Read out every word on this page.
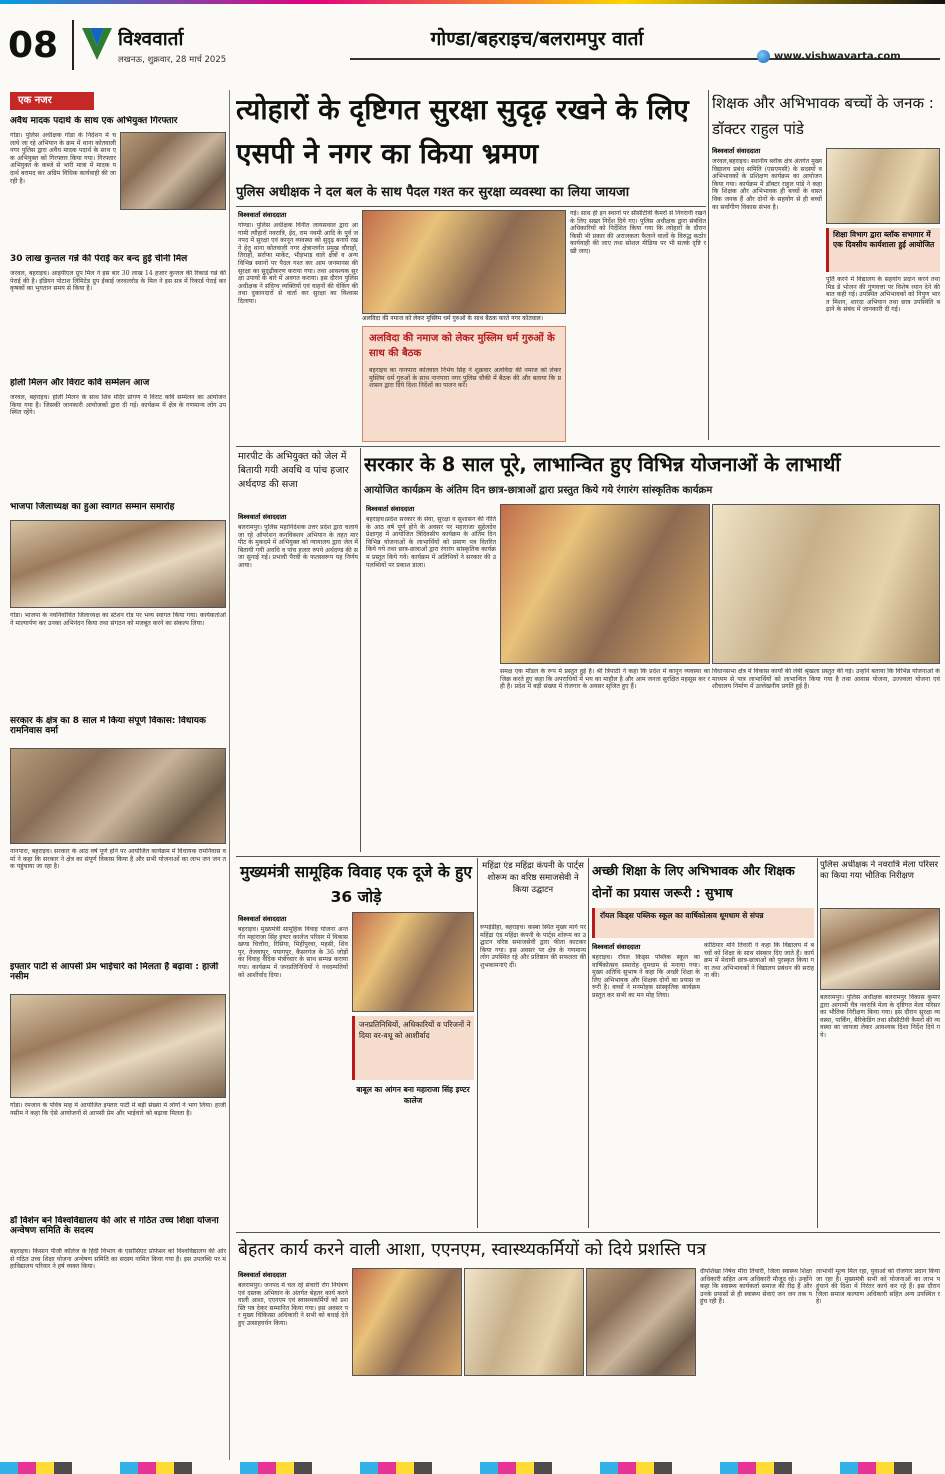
08	विश्ववार्ता
लखनऊ, शुक्रवार, 28 मार्च 2025
गोण्डा/बहराइच/बलरामपुर वार्ता
www.vishwavarta.com
एक नजर
अवैध मादक पदार्थ के साथ एक अभियुक्त गिरफ्तार
गोंडा। पुलिस अधीक्षक गोंडा के निर्देशन में चलाये जा रहे अभियान के क्रम में थाना कोतवाली नगर पुलिस द्वारा अवैध मादक पदार्थ के साथ एक अभियुक्त को गिरफ्तार किया गया। गिरफ्तार अभियुक्त के कब्जे से भारी मात्रा में मादक पदार्थ बरामद कर अग्रिम विधिक कार्यवाही की जा रही है।
30 लाख कुन्तल गन्ने की पेराई कर बन्द हुई चीनी मिल
जरवल, बहराइच। आइपीएल ग्रुप मिल ने इस बार 30 लाख 14 हजार कुन्तल की रिकार्ड गन्ने की पेराई की है। इंडियन पोटाश लिमिटेड ग्रुप ईकाई जरवलरोड के मिल ने इस सत्र में रिकार्ड पेराई कर कृषकों का भुगतान समय से किया है।
होली मिलन और विराट कवि सम्मेलन आज
जरवल, बहराइच। होली मिलन के साथ शिव मंदिर प्रांगण में विराट कवि सम्मेलन का आयोजन किया गया है। जिसकी जानकारी आयोजकों द्वारा दी गई। कार्यक्रम में क्षेत्र के गणमान्य लोग उपस्थित रहेंगे।
भाजपा जिलाध्यक्ष का हुआ स्वागत सम्मान समारोह
गोंडा। भाजपा के नवनिर्वाचित जिलाध्यक्ष का स्टेशन रोड पर भव्य स्वागत किया गया। कार्यकर्ताओं ने माल्यार्पण कर उनका अभिनंदन किया तथा संगठन को मजबूत करने का संकल्प लिया।
सरकार के क्षेत्र का 8 साल में किया संपूर्ण विकास: विधायक रामनिवास वर्मा
नानपारा, बहराइच। सरकार के आठ वर्ष पूर्ण होने पर आयोजित कार्यक्रम में विधायक रामनिवास वर्मा ने कहा कि सरकार ने क्षेत्र का संपूर्ण विकास किया है और सभी योजनाओं का लाभ जन जन तक पहुंचाया जा रहा है।
इफ्तार पार्टी से आपसी प्रेम भाईचारे को मिलता है बढ़ावा : हाजी नसीम
गोंडा। रमजान के पवित्र माह में आयोजित इफ्तार पार्टी में बड़ी संख्या में लोगों ने भाग लिया। हाजी नसीम ने कहा कि ऐसे आयोजनों से आपसी प्रेम और भाईचारे को बढ़ावा मिलता है।
डॉ विशेन बने विश्वविद्यालय की ओर से गठित उच्च शिक्षा योजना अन्वेषण समिति के सदस्य
बहराइच। किसान पीजी कॉलेज के हिंदी विभाग के एसोसिएट प्रोफेसर को विश्वविद्यालय की ओर से गठित उच्च शिक्षा योजना अन्वेषण समिति का सदस्य नामित किया गया है। इस उपलब्धि पर महाविद्यालय परिवार ने हर्ष व्यक्त किया।
त्योहारों के दृष्टिगत सुरक्षा सुदृढ़ रखने के लिए एसपी ने नगर का किया भ्रमण
पुलिस अधीक्षक ने दल बल के साथ पैदल गश्त कर सुरक्षा व्यवस्था का लिया जायजा
विश्ववार्ता संवाददाता
गोण्डा। पुलिस अधीक्षक विनीत जायसवाल द्वारा आगामी त्यौहारों नवरात्रि, ईद, राम नवमी आदि के पूर्व जनपद में सुरक्षा एवं कानून व्यवस्था को सुदृढ़ बनाये रखने हेतु थाना कोतवाली नगर क्षेत्रान्तर्गत प्रमुख चौराहों, तिराहों, सर्राफा मार्केट, भीड़भाड़ वाले क्षेत्रों व अन्य विभिन्न स्थानों पर पैदल गश्त कर आम जनमानस की सुरक्षा का सुदृढ़ीकरण कराया गया। तथा आवश्यक सुरक्षा उपायों के बारे में अवगत कराया। इस दौरान पुलिस अधीक्षक ने संदिग्ध व्यक्तियों एवं वाहनों की चेकिंग की तथा दुकानदारों से वार्ता कर सुरक्षा का विश्वास दिलाया।
अलविदा की नमाज को लेकर मुस्लिम धर्म गुरुओं के साथ बैठक करते नगर कोतवाल।
अलविदा की नमाज को लेकर मुस्लिम धर्म गुरुओं के साथ की बैठक
बहराइच का नानपारा कोतवाल निर्भय सिंह ने शुक्रवार अलविदा की नमाज को लेकर मुस्लिम धर्म गुरुओं के साथ नानपारा नगर पुलिस चौकी में बैठक की और बताया कि प्रशासन द्वारा दिये दिशा निर्देशों का पालन करें।
गई। साथ ही इन स्थानों पर सीसीटीवी कैमरों से निगरानी रखने के लिए सख्त निर्देश दिये गए। पुलिस अधीक्षक द्वारा संबंधित अधिकारियों को निर्देशित किया गया कि त्योहारों के दौरान किसी भी प्रकार की अराजकता फैलाने वालों के विरुद्ध कठोर कार्यवाही की जाए तथा सोशल मीडिया पर भी सतर्क दृष्टि रखी जाए।
शिक्षक और अभिभावक बच्चों के जनक : डॉक्टर राहुल पांडे
विश्ववार्ता संवाददाता
जरवल,बहराइच। स्थानीय ब्लॉक क्षेत्र अंतर्गत मुख्य विद्यालय प्रबंध समिति (एसएमसी) के सदस्यों व अभिभावकों के प्रशिक्षण कार्यक्रम का आयोजन किया गया। कार्यक्रम में डॉक्टर राहुल पांडे ने कहा कि शिक्षक और अभिभावक ही बच्चों के वास्तविक जनक हैं और दोनों के सहयोग से ही बच्चों का सर्वांगीण विकास संभव है।
शिक्षा विभाग द्वारा ब्लॉक सभागार में एक दिवसीय कार्यशाला हुई आयोजित
पूर्ति करने में विद्यालय के सहयोग प्रदान करने तथा मिड डे भोजन की गुणवत्ता पर विशेष ध्यान देने की बात कही गई। उपस्थित अभिभावकों को निपुण भारत मिशन, शारदा अभियान तथा छात्र उपस्थिति बढ़ाने के संबंध में जानकारी दी गई।
मारपीट के अभियुक्त को जेल में बितायी गयी अवधि व पांच हजार अर्थदण्ड की सजा
विश्ववार्ता संवाददाता
बलरामपुर। पुलिस महानिदेशक उत्तर प्रदेश द्वारा चलाये जा रहे ऑपरेशन कनविक्शन अभियान के तहत मारपीट के मुकदमे में अभियुक्त को न्यायालय द्वारा जेल में बितायी गयी अवधि व पांच हजार रुपये अर्थदण्ड की सजा सुनाई गई। प्रभावी पैरवी के फलस्वरूप यह निर्णय आया।
सरकार के 8 साल पूरे, लाभान्वित हुए विभिन्न योजनाओं के लाभार्थी
आयोजित कार्यक्रम के अंतिम दिन छात्र-छात्राओं द्वारा प्रस्तुत किये गये रंगारंग सांस्कृतिक कार्यक्रम
विश्ववार्ता संवाददाता
बहराइच।प्रदेश सरकार के सेवा, सुरक्षा व सुशासन की नीति के आठ वर्ष पूर्ण होने के अवसर पर महाराजा सुहेलदेव प्रेक्षागृह में आयोजित त्रिदिवसीय कार्यक्रम के अंतिम दिन विभिन्न योजनाओं के लाभार्थियों को प्रमाण पत्र वितरित किये गये तथा छात्र-छात्राओं द्वारा रंगारंग सांस्कृतिक कार्यक्रम प्रस्तुत किये गये। कार्यक्रम में अतिथियों ने सरकार की उपलब्धियों पर प्रकाश डाला।
समक्ष एक मॉडल के रूप में प्रस्तुत हुई है। श्री त्रिपाठी ने कहा कि प्रदेश में कानून व्यवस्था का जिक्र करते हुए कहा कि अपराधियों में भय का माहौल है और आम जनता सुरक्षित महसूस कर रही है। प्रदेश में बड़ी संख्या में रोजगार के अवसर सृजित हुए हैं।
विधानसभा क्षेत्र में विकास कार्यों की लंबी श्रृंखला प्रस्तुत की गई। उन्होंने बताया कि विभिन्न योजनाओं के माध्यम से पात्र लाभार्थियों को लाभान्वित किया गया है तथा आवास योजना, उज्ज्वला योजना एवं शौचालय निर्माण में उल्लेखनीय प्रगति हुई है।
मुख्यमंत्री सामूहिक विवाह एक दूजे के हुए 36 जोड़े
विश्ववार्ता संवाददाता
बहराइच। मुख्यमंत्री सामूहिक विवाह योजना अन्तर्गत महाराजा सिंह इण्टर कालेज परिसर में विकास खण्ड चित्तौरा, रिसिया, मिहींपुरवा, महसी, शिवपुर, तेजवापुर, पयागपुर, कैसरगंज के 36 जोड़ों का विवाह वैदिक मंत्रोच्चार के साथ सम्पन्न कराया गया। कार्यक्रम में जनप्रतिनिधियों ने नवदम्पतियों को आशीर्वाद दिया।
जनप्रतिनिधियों, अधिकारियों व परिजनों ने दिया वर-वधू को आशीर्वाद
बाबूल का आंगन बना महाराजा सिंह इण्टर कालेज
महिंद्रा एंड महिंद्रा कंपनी के पार्ट्स शोरूम का वरिष्ठ समाजसेवी ने किया उद्घाटन
रूपईडीहा, बहराइच। कस्बा स्थित मुख्य मार्ग पर महिंद्रा एंड महिंद्रा कंपनी के पार्ट्स शोरूम का उद्घाटन वरिष्ठ समाजसेवी द्वारा फीता काटकर किया गया। इस अवसर पर क्षेत्र के गणमान्य लोग उपस्थित रहे और प्रतिष्ठान की सफलता की शुभकामनाएं दीं।
अच्छी शिक्षा के लिए अभिभावक और शिक्षक दोनों का प्रयास जरूरी : सुभाष
रॉयल किड्स पब्लिक स्कूल का वार्षिकोत्सव धूमधाम से संपन्न
विश्ववार्ता संवाददाता
बहराइच। रॉयल किड्स पब्लिक स्कूल का वार्षिकोत्सव समारोह धूमधाम से मनाया गया। मुख्य अतिथि सुभाष ने कहा कि अच्छी शिक्षा के लिए अभिभावक और शिक्षक दोनों का प्रयास जरूरी है। बच्चों ने मनमोहक सांस्कृतिक कार्यक्रम प्रस्तुत कर सभी का मन मोह लिया।
कोठियार मनि तिवारी ने कहा कि विद्यालय में बच्चों को शिक्षा के साथ संस्कार दिए जाते हैं। कार्यक्रम में मेधावी छात्र-छात्राओं को पुरस्कृत किया गया तथा अभिभावकों ने विद्यालय प्रबंधन की सराहना की।
पुलिस अधीक्षक ने नवरात्रि मेला परिसर का किया गया भौतिक निरीक्षण
बलरामपुर। पुलिस अधीक्षक बलरामपुर विकास कुमार द्वारा आगामी चैत्र नवरात्रि मेला के दृष्टिगत मेला परिसर का भौतिक निरीक्षण किया गया। इस दौरान सुरक्षा व्यवस्था, पार्किंग, बैरिकेडिंग तथा सीसीटीवी कैमरों की व्यवस्था का जायजा लेकर आवश्यक दिशा निर्देश दिये गये।
बेहतर कार्य करने वाली आशा, एएनएम, स्वास्थ्यकर्मियों को दिये प्रशस्ति पत्र
विश्ववार्ता संवाददाता
बलरामपुर। जनपद में चल रहे संचारी रोग नियंत्रण एवं दस्तक अभियान के अंतर्गत बेहतर कार्य करने वाली आशा, एएनएम एवं स्वास्थ्यकर्मियों को प्रशस्ति पत्र देकर सम्मानित किया गया। इस अवसर पर मुख्य चिकित्सा अधिकारी ने सभी को बधाई देते हुए उत्साहवर्धन किया।
दीपशिखा निषेध मीरा तिवारी, जिला स्वास्थ्य शिक्षा अधिकारी सहित अन्य अधिकारी मौजूद रहे। उन्होंने कहा कि स्वास्थ्य कार्यकर्ता समाज की रीढ़ हैं और उनके प्रयासों से ही स्वास्थ्य सेवाएं जन जन तक पहुंच रही हैं।
लाभार्थी मूल्य मिल रहा, युवाओं को रोजगार प्रदान किया जा रहा है। मुख्यमंत्री सभी को योजनाओं का लाभ पहुंचाने की दिशा में निरंतर कार्य कर रहे हैं। इस दौरान जिला समाज कल्याण अधिकारी सहित अन्य उपस्थित रहे।
